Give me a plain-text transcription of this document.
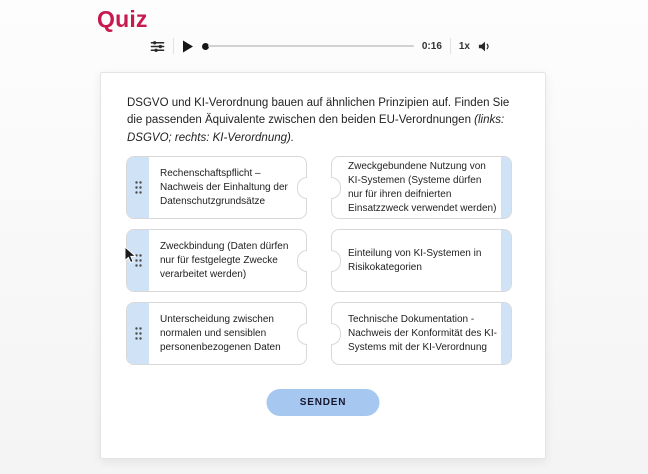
Quiz
0:16 1x

DSGVO und KI-Verordnung bauen auf ähnlichen Prinzipien auf. Finden Sie die passenden Äquivalente zwischen den beiden EU-Verordnungen (links: DSGVO; rechts: KI-Verordnung).

Rechenschaftspflicht – Nachweis der Einhaltung der Datenschutzgrundsätze
Zweckgebundene Nutzung von KI-Systemen (Systeme dürfen nur für ihren deifnierten Einsatzzweck verwendet werden)
Zweckbindung (Daten dürfen nur für festgelegte Zwecke verarbeitet werden)
Einteilung von KI-Systemen in Risikokategorien
Unterscheidung zwischen normalen und sensiblen personenbezogenen Daten
Technische Dokumentation - Nachweis der Konformität des KI-Systems mit der KI-Verordnung
SENDEN
